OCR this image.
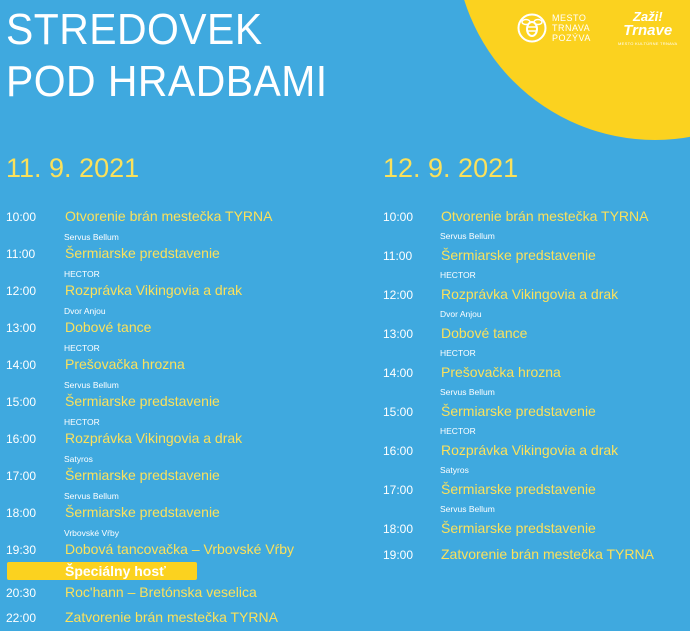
STREDOVEK
POD HRADBAMI
MESTO
TRNAVA
POZÝVA
Zaži!
Trnave
MESTO KULTÚRNE TRNAVA
11. 9. 2021	12. 9. 2021
Špeciálny hosť
10:00 Otvorenie brán mestečka TYRNA
11:00 Šermiarske predstavenie
12:00 Rozprávka Vikingovia a drak
13:00 Dobové tance
14:00 Prešovačka hrozna
15:00 Šermiarske predstavenie
16:00 Rozprávka Vikingovia a drak
17:00 Šermiarske predstavenie
18:00 Šermiarske predstavenie
19:30 Dobová tancovačka – Vrbovské Vŕby
20:30 Roc'hann – Bretónska veselica
22:00 Zatvorenie brán mestečka TYRNA
Servus Bellum
HECTOR
Dvor Anjou
HECTOR
Servus Bellum
HECTOR
Satyros
Servus Bellum
Vrbovské Vŕby
10:00 Otvorenie brán mestečka TYRNA
11:00 Šermiarske predstavenie
12:00 Rozprávka Vikingovia a drak
13:00 Dobové tance
14:00 Prešovačka hrozna
15:00 Šermiarske predstavenie
16:00 Rozprávka Vikingovia a drak
17:00 Šermiarske predstavenie
18:00 Šermiarske predstavenie
19:00 Zatvorenie brán mestečka TYRNA
Servus Bellum
HECTOR
Dvor Anjou
HECTOR
Servus Bellum
HECTOR
Satyros
Servus Bellum
